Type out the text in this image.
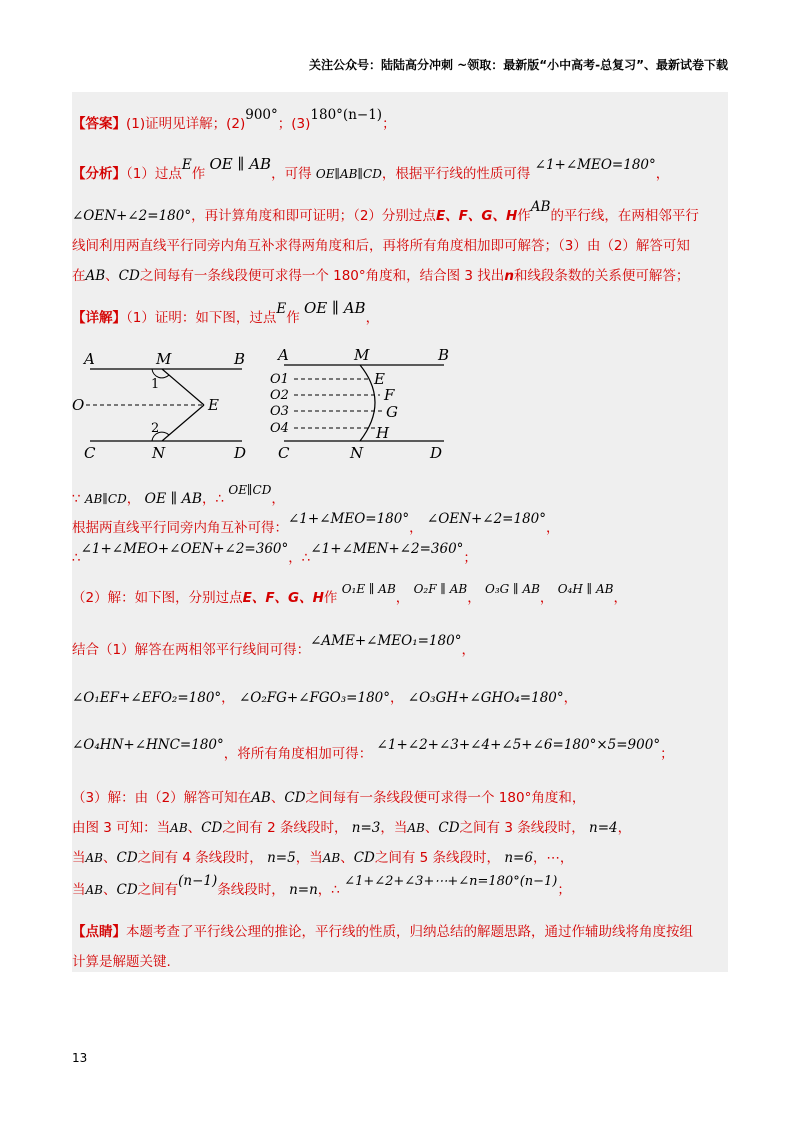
关注公众号：陆陆高分冲刺 ~领取：最新版“小中高考-总复习”、最新试卷下载
【答案】(1)证明见详解；(2)900°；(3)180°(n−1)；
【分析】（1）过点E作 OE ∥ AB，可得 OE∥AB∥CD，根据平行线的性质可得 ∠1+∠MEO=180°，
∠OEN+∠2=180°，再计算角度和即可证明；（2）分别过点E、F、G、H作AB的平行线，在两相邻平行
线间利用两直线平行同旁内角互补求得两角度和后，再将所有角度相加即可解答；（3）由（2）解答可知
在AB、CD之间每有一条线段便可求得一个 180°角度和，结合图 3 找出n和线段条数的关系便可解答；
【详解】（1）证明：如下图，过点E作 OE ∥ AB，
A	M	B
O	E
C	N	D
1
2
A	M	B
O1
O2
O3
O4
E
F
G
H
C	N	D
∵ AB∥CD， OE ∥ AB，∴ OE∥CD，
根据两直线平行同旁内角互补可得：∠1+∠MEO=180°， ∠OEN+∠2=180°，
∴∠1+∠MEO+∠OEN+∠2=360°，∴∠1+∠MEN+∠2=360°；
（2）解：如下图，分别过点E、F、G、H作 O₁E ∥ AB， O₂F ∥ AB， O₃G ∥ AB， O₄H ∥ AB，
结合（1）解答在两相邻平行线间可得：∠AME+∠MEO₁=180°，
∠O₁EF+∠EFO₂=180°， ∠O₂FG+∠FGO₃=180°， ∠O₃GH+∠GHO₄=180°，
∠O₄HN+∠HNC=180°，将所有角度相加可得： ∠1+∠2+∠3+∠4+∠5+∠6=180°×5=900°；
（3）解：由（2）解答可知在AB、CD之间每有一条线段便可求得一个 180°角度和，
由图 3 可知：当AB、CD之间有 2 条线段时， n=3，当AB、CD之间有 3 条线段时， n=4，
当AB、CD之间有 4 条线段时， n=5，当AB、CD之间有 5 条线段时， n=6，⋯，
当AB、CD之间有(n−1)条线段时， n=n，∴ ∠1+∠2+∠3+⋯+∠n=180°(n−1)；
【点睛】本题考查了平行线公理的推论，平行线的性质，归纳总结的解题思路，通过作辅助线将角度按组
计算是解题关键.
13
